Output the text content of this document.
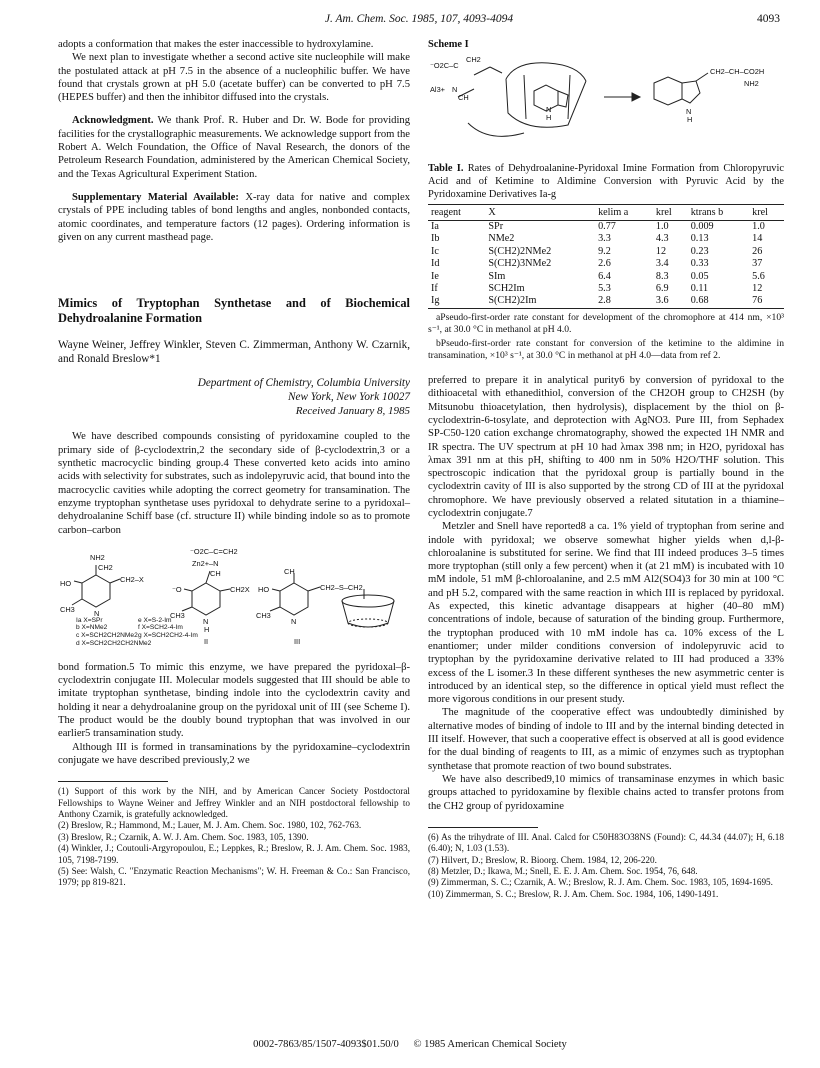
J. Am. Chem. Soc. 1985, 107, 4093-4094	4093

adopts a conformation that makes the ester inaccessible to hydroxylamine.

We next plan to investigate whether a second active site nucleophile will make the postulated attack at pH 7.5 in the absence of a nucleophilic buffer. We have found that crystals grown at pH 5.0 (acetate buffer) can be converted to pH 7.5 (HEPES buffer) and then the inhibitor diffused into the crystals.

Acknowledgment. We thank Prof. R. Huber and Dr. W. Bode for providing facilities for the crystallographic measurements. We acknowledge support from the Robert A. Welch Foundation, the Office of Naval Research, the donors of the Petroleum Research Foundation, administered by the American Chemical Society, and the Texas Agricultural Experiment Station.

Supplementary Material Available: X-ray data for native and complex crystals of PPE including tables of bond lengths and angles, nonbonded contacts, atomic coordinates, and temperature factors (12 pages). Ordering information is given on any current masthead page.

Mimics of Tryptophan Synthetase and of Biochemical Dehydroalanine Formation

Wayne Weiner, Jeffrey Winkler, Steven C. Zimmerman, Anthony W. Czarnik, and Ronald Breslow*1

Department of Chemistry, Columbia University
New York, New York 10027
Received January 8, 1985

We have described compounds consisting of pyridoxamine coupled to the primary side of β-cyclodextrin,2 the secondary side of β-cyclodextrin,3 or a synthetic macrocyclic binding group.4 These converted keto acids into amino acids with selectivity for substrates, such as indolepyruvic acid, that bound into the macrocyclic cavities while adopting the correct geometry for transamination. The enzyme tryptophan synthetase uses pyridoxal to dehydrate serine to a pyridoxal–dehydroalanine Schiff base (cf. structure II) while binding indole so as to promote carbon–carbon

NH2
CH2
CH2–X
HO
CH3	N
⁻O2C–C=CH2
Zn2+–N
CH
⁻O	CH2X
CH3
N
H
II
CH
HO	CH2–S–CH2
CH3
N
III
Ia X=SPr
b X=NMe2
c X=SCH2CH2NMe2
d X=SCH2CH2CH2NMe2
e X=S-2-Im
f X=SCH2-4-Im
g X=SCH2CH2-4-Im

bond formation.5 To mimic this enzyme, we have prepared the pyridoxal–β-cyclodextrin conjugate III. Molecular models suggested that III should be able to imitate tryptophan synthetase, binding indole into the cyclodextrin cavity and holding it near a dehydroalanine group on the pyridoxal unit of III (see Scheme I). The product would be the doubly bound tryptophan that was involved in our earlier5 transamination study.

Although III is formed in transaminations by the pyridoxamine–cyclodextrin conjugate we have described previously,2 we

(1) Support of this work by the NIH, and by American Cancer Society Postdoctoral Fellowships to Wayne Weiner and Jeffrey Winkler and an NIH postdoctoral fellowship to Anthony Czarnik, is gratefully acknowledged.

(2) Breslow, R.; Hammond, M.; Lauer, M. J. Am. Chem. Soc. 1980, 102, 762-763.

(3) Breslow, R.; Czarnik, A. W. J. Am. Chem. Soc. 1983, 105, 1390.

(4) Winkler, J.; Coutouli-Argyropoulou, E.; Leppkes, R.; Breslow, R. J. Am. Chem. Soc. 1983, 105, 7198-7199.

(5) See: Walsh, C. "Enzymatic Reaction Mechanisms"; W. H. Freeman & Co.: San Francisco, 1979; pp 819-821.

Scheme I
⁻O2C–C
CH2
Al3+ N
CH
N
H
CH2–CH–CO2H
NH2
N
H

Table I. Rates of Dehydroalanine-Pyridoxal Imine Formation from Chloropyruvic Acid and of Ketimine to Aldimine Conversion with Pyruvic Acid by the Pyridoxamine Derivatives Ia-g

reagent	X	kelim a	krel	ktrans b	krel
Ia	SPr	0.77	1.0	0.009	1.0
Ib	NMe2	3.3	4.3	0.13	14
Ic	S(CH2)2NMe2	9.2	12	0.23	26
Id	S(CH2)3NMe2	2.6	3.4	0.33	37
Ie	SIm	6.4	8.3	0.05	5.6
If	SCH2Im	5.3	6.9	0.11	12
Ig	S(CH2)2Im	2.8	3.6	0.68	76

aPseudo-first-order rate constant for development of the chromophore at 414 nm, ×10³ s⁻¹, at 30.0 °C in methanol at pH 4.0.

bPseudo-first-order rate constant for conversion of the ketimine to the aldimine in transamination, ×10³ s⁻¹, at 30.0 °C in methanol at pH 4.0—data from ref 2.

preferred to prepare it in analytical purity6 by conversion of pyridoxal to the dithioacetal with ethanedithiol, conversion of the CH2OH group to CH2SH (by Mitsunobu thioacetylation, then hydrolysis), displacement by the thiol on β-cyclodextrin-6-tosylate, and deprotection with AgNO3. Pure III, from Sephadex SP-C50-120 cation exchange chromatography, showed the expected 1H NMR and IR spectra. The UV spectrum at pH 10 had λmax 398 nm; in H2O, pyridoxal has λmax 391 nm at this pH, shifting to 400 nm in 50% H2O/THF solution. This spectroscopic indication that the pyridoxal group is partially bound in the cyclodextrin cavity of III is also supported by the strong CD of III at the pyridoxal chromophore. We have previously observed a related situtation in a thiamine–cyclodextrin conjugate.7

Metzler and Snell have reported8 a ca. 1% yield of tryptophan from serine and indole with pyridoxal; we observe somewhat higher yields when d,l-β-chloroalanine is substituted for serine. We find that III indeed produces 3–5 times more tryptophan (still only a few percent) when it (at 21 mM) is incubated with 10 mM indole, 51 mM β-chloroalanine, and 2.5 mM Al2(SO4)3 for 30 min at 100 °C and pH 5.2, compared with the same reaction in which III is replaced by pyridoxal. As expected, this kinetic advantage disappears at higher (40–80 mM) concentrations of indole, because of saturation of the binding group. Furthermore, the tryptophan produced with 10 mM indole has ca. 10% excess of the L enantiomer; under milder conditions conversion of indolepyruvic acid to tryptophan by the pyridoxamine derivative related to III had produced a 33% excess of the L isomer.3 In these different syntheses the new asymmetric center is introduced by an identical step, so the difference in optical yield must reflect the more vigorous conditions in our present study.

The magnitude of the cooperative effect was undoubtedly diminished by alternative modes of binding of indole to III and by the internal binding detected in III itself. However, that such a cooperative effect is observed at all is good evidence for the dual binding of reagents to III, as a mimic of enzymes such as tryptophan synthetase that promote reaction of two bound substrates.

We have also described9,10 mimics of transaminase enzymes in which basic groups attached to pyridoxamine by flexible chains acted to transfer protons from the CH2 group of pyridoxamine

(6) As the trihydrate of III. Anal. Calcd for C50H83O38NS (Found): C, 44.34 (44.07); H, 6.18 (6.40); N, 1.03 (1.53).

(7) Hilvert, D.; Breslow, R. Bioorg. Chem. 1984, 12, 206-220.

(8) Metzler, D.; Ikawa, M.; Snell, E. E. J. Am. Chem. Soc. 1954, 76, 648.

(9) Zimmerman, S. C.; Czarnik, A. W.; Breslow, R. J. Am. Chem. Soc. 1983, 105, 1694-1695.

(10) Zimmerman, S. C.; Breslow, R. J. Am. Chem. Soc. 1984, 106, 1490-1491.

0002-7863/85/1507-4093$01.50/0 © 1985 American Chemical Society
